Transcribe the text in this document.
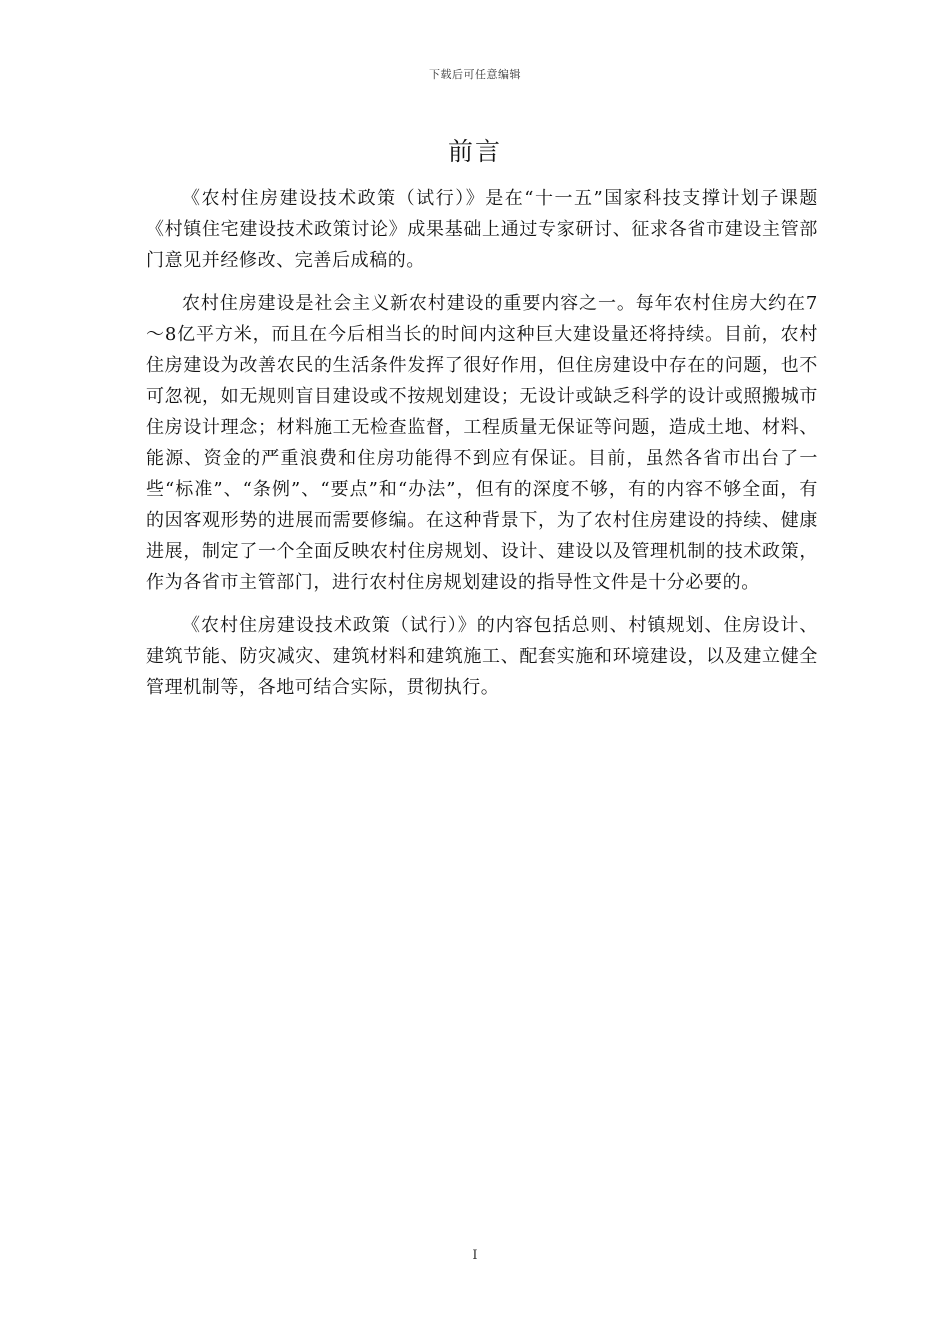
下载后可任意编辑
前言

《农村住房建设技术政策（试行）》是在“十一五”国家科技支撑计划子课题《村镇住宅建设技术政策讨论》成果基础上通过专家研讨、征求各省市建设主管部门意见并经修改、完善后成稿的。

农村住房建设是社会主义新农村建设的重要内容之一。每年农村住房大约在7～8亿平方米，而且在今后相当长的时间内这种巨大建设量还将持续。目前，农村住房建设为改善农民的生活条件发挥了很好作用，但住房建设中存在的问题，也不可忽视，如无规则盲目建设或不按规划建设；无设计或缺乏科学的设计或照搬城市住房设计理念；材料施工无检查监督，工程质量无保证等问题，造成土地、材料、能源、资金的严重浪费和住房功能得不到应有保证。目前，虽然各省市出台了一些“标准”、“条例”、“要点”和“办法”，但有的深度不够，有的内容不够全面，有的因客观形势的进展而需要修编。在这种背景下，为了农村住房建设的持续、健康进展，制定了一个全面反映农村住房规划、设计、建设以及管理机制的技术政策，作为各省市主管部门，进行农村住房规划建设的指导性文件是十分必要的。

《农村住房建设技术政策（试行）》的内容包括总则、村镇规划、住房设计、建筑节能、防灾减灾、建筑材料和建筑施工、配套实施和环境建设，以及建立健全管理机制等，各地可结合实际，贯彻执行。

I
